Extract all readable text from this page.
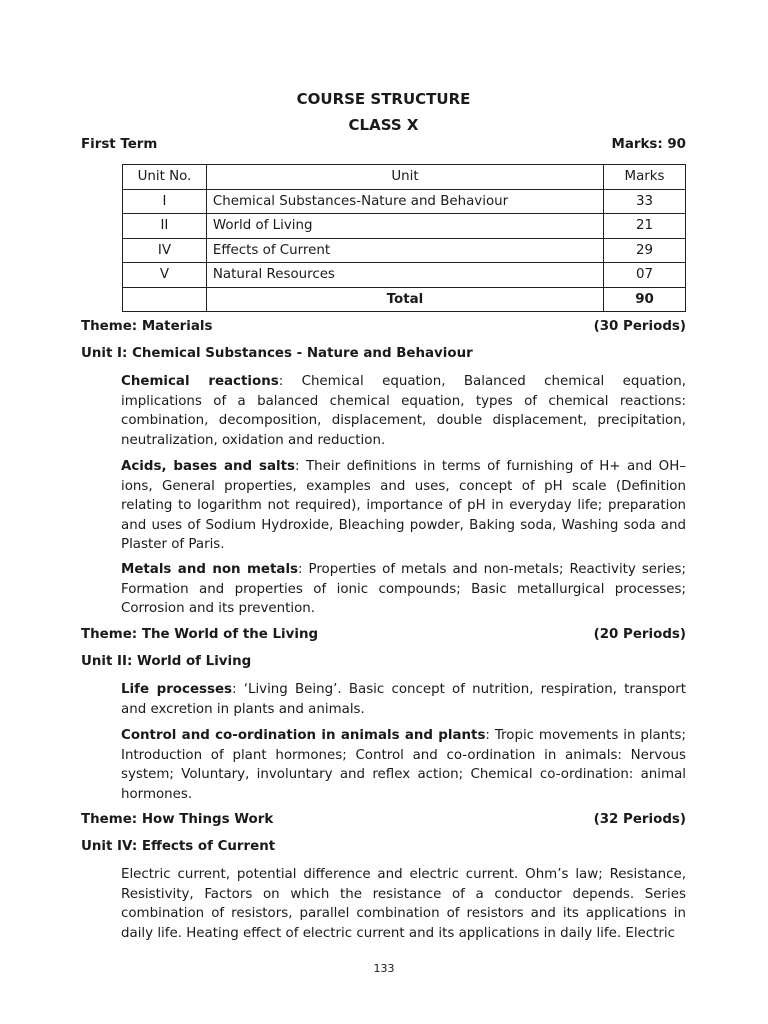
COURSE STRUCTURE
CLASS X
First Term	Marks: 90
Unit No.	Unit	Marks
I	Chemical Substances-Nature and Behaviour	33
II	World of Living	21
IV	Effects of Current	29
V	Natural Resources	07
	Total	90
Theme: Materials	(30 Periods)
Unit I: Chemical Substances - Nature and Behaviour
Chemical reactions: Chemical equation, Balanced chemical equation, implications of a balanced chemical equation, types of chemical reactions: combination, decomposition, displacement, double displacement, precipitation, neutralization, oxidation and reduction.
Acids, bases and salts: Their definitions in terms of furnishing of H+ and OH– ions, General properties, examples and uses, concept of pH scale (Definition relating to logarithm not required), importance of pH in everyday life; preparation and uses of Sodium Hydroxide, Bleaching powder, Baking soda, Washing soda and Plaster of Paris.
Metals and non metals: Properties of metals and non-metals; Reactivity series; Formation and properties of ionic compounds; Basic metallurgical processes; Corrosion and its prevention.
Theme: The World of the Living	(20 Periods)
Unit II: World of Living
Life processes: ‘Living Being’. Basic concept of nutrition, respiration, transport and excretion in plants and animals.
Control and co-ordination in animals and plants: Tropic movements in plants; Introduction of plant hormones; Control and co-ordination in animals: Nervous system; Voluntary, involuntary and reflex action; Chemical co-ordination: animal hormones.
Theme: How Things Work	(32 Periods)
Unit IV: Effects of Current
Electric current, potential difference and electric current. Ohm’s law; Resistance, Resistivity, Factors on which the resistance of a conductor depends. Series combination of resistors, parallel combination of resistors and its applications in daily life. Heating effect of electric current and its applications in daily life. Electric
133
